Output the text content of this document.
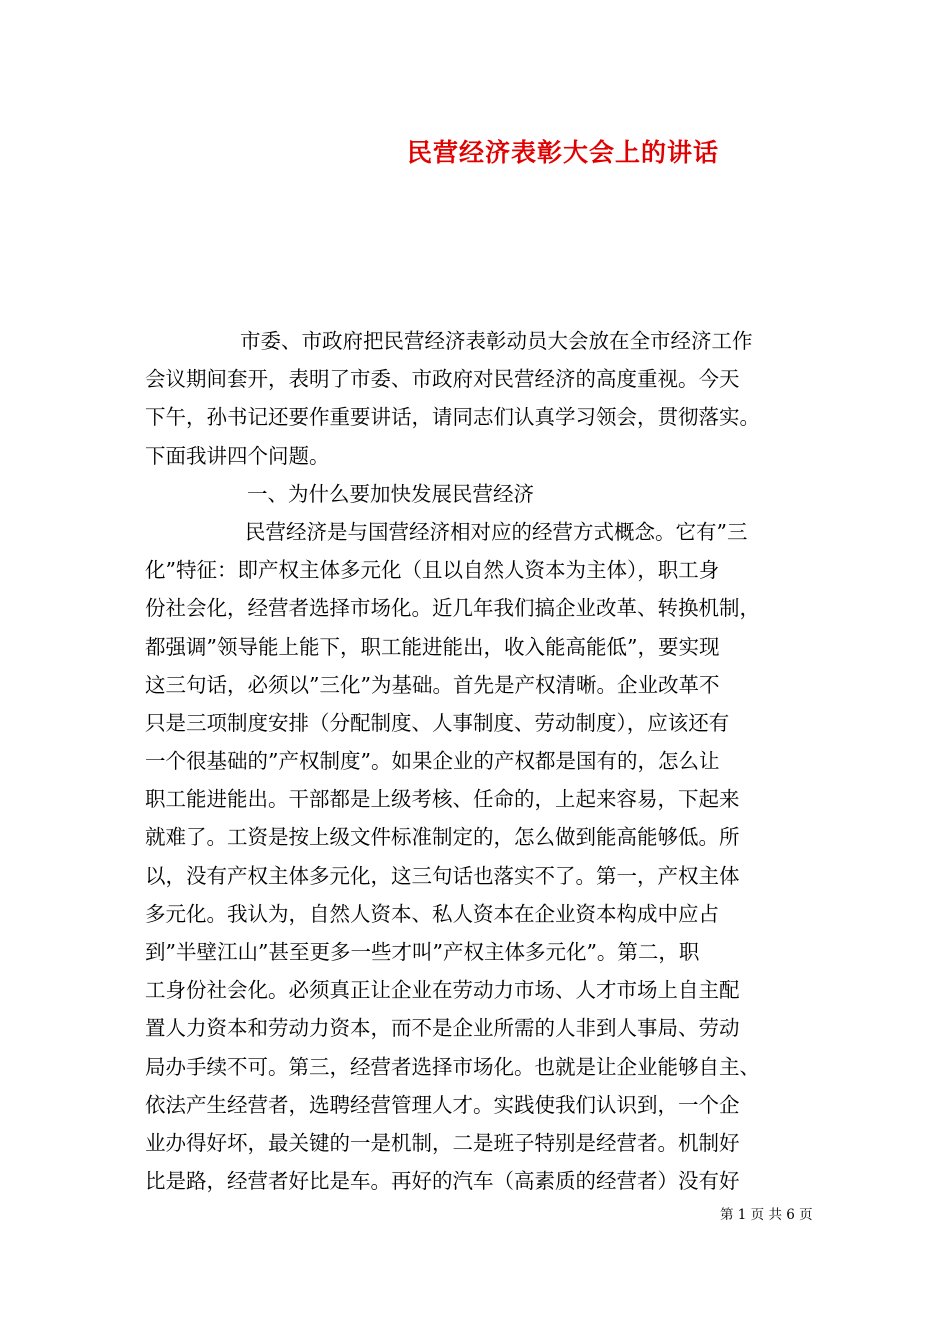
民营经济表彰大会上的讲话
市委、市政府把民营经济表彰动员大会放在全市经济工作
会议期间套开，表明了市委、市政府对民营经济的高度重视。今天
下午，孙书记还要作重要讲话，请同志们认真学习领会，贯彻落实。
下面我讲四个问题。
一、为什么要加快发展民营经济
民营经济是与国营经济相对应的经营方式概念。它有”三
化”特征：即产权主体多元化（且以自然人资本为主体），职工身
份社会化，经营者选择市场化。近几年我们搞企业改革、转换机制，
都强调”领导能上能下，职工能进能出，收入能高能低”，要实现
这三句话，必须以”三化”为基础。首先是产权清晰。企业改革不
只是三项制度安排（分配制度、人事制度、劳动制度），应该还有
一个很基础的”产权制度”。如果企业的产权都是国有的，怎么让
职工能进能出。干部都是上级考核、任命的，上起来容易，下起来
就难了。工资是按上级文件标准制定的，怎么做到能高能够低。所
以，没有产权主体多元化，这三句话也落实不了。第一，产权主体
多元化。我认为，自然人资本、私人资本在企业资本构成中应占
到”半壁江山”甚至更多一些才叫”产权主体多元化”。第二，职
工身份社会化。必须真正让企业在劳动力市场、人才市场上自主配
置人力资本和劳动力资本，而不是企业所需的人非到人事局、劳动
局办手续不可。第三，经营者选择市场化。也就是让企业能够自主、
依法产生经营者，选聘经营管理人才。实践使我们认识到，一个企
业办得好坏，最关键的一是机制，二是班子特别是经营者。机制好
比是路，经营者好比是车。再好的汽车（高素质的经营者）没有好
第 1 页 共 6 页
